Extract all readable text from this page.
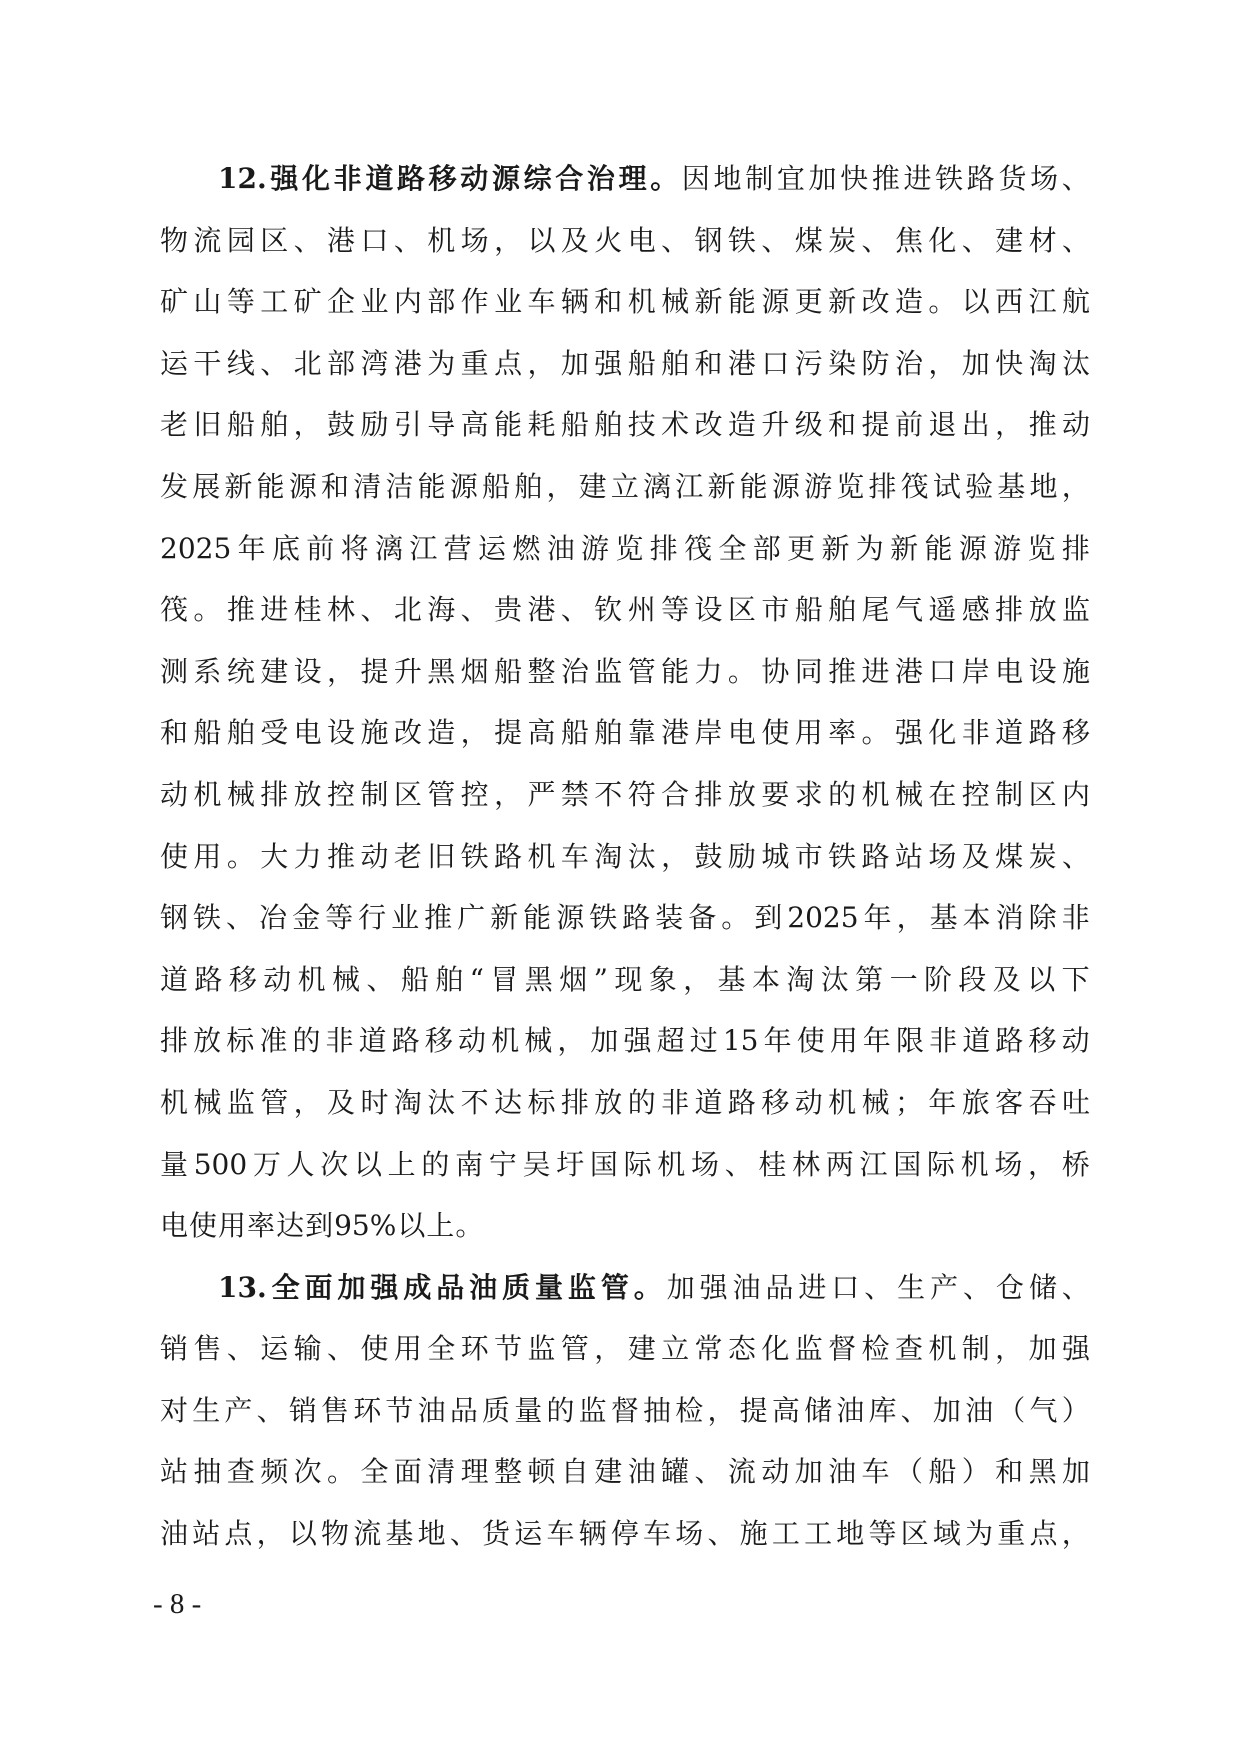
12. 强 化 非 道 路 移 动 源 综 合 治 理 。 因 地 制 宜 加 快 推 进 铁 路 货 场 、
物 流 园 区 、 港 口 、 机 场 ， 以 及 火 电 、 钢 铁 、 煤 炭 、 焦 化 、 建 材 、
矿 山 等 工 矿 企 业 内 部 作 业 车 辆 和 机 械 新 能 源 更 新 改 造 。 以 西 江 航
运 干 线 、 北 部 湾 港 为 重 点 ， 加 强 船 舶 和 港 口 污 染 防 治 ， 加 快 淘 汰
老 旧 船 舶 ， 鼓 励 引 导 高 能 耗 船 舶 技 术 改 造 升 级 和 提 前 退 出 ， 推 动
发 展 新 能 源 和 清 洁 能 源 船 舶 ， 建 立 漓 江 新 能 源 游 览 排 筏 试 验 基 地 ，
2025 年 底 前 将 漓 江 营 运 燃 油 游 览 排 筏 全 部 更 新 为 新 能 源 游 览 排
筏 。 推 进 桂 林 、 北 海 、 贵 港 、 钦 州 等 设 区 市 船 舶 尾 气 遥 感 排 放 监
测 系 统 建 设 ， 提 升 黑 烟 船 整 治 监 管 能 力 。 协 同 推 进 港 口 岸 电 设 施
和 船 舶 受 电 设 施 改 造 ， 提 高 船 舶 靠 港 岸 电 使 用 率 。 强 化 非 道 路 移
动 机 械 排 放 控 制 区 管 控 ， 严 禁 不 符 合 排 放 要 求 的 机 械 在 控 制 区 内
使 用 。 大 力 推 动 老 旧 铁 路 机 车 淘 汰 ， 鼓 励 城 市 铁 路 站 场 及 煤 炭 、
钢 铁 、 冶 金 等 行 业 推 广 新 能 源 铁 路 装 备 。 到 2025 年 ， 基 本 消 除 非
道 路 移 动 机 械 、 船 舶 “ 冒 黑 烟 ” 现 象 ， 基 本 淘 汰 第 一 阶 段 及 以 下
排 放 标 准 的 非 道 路 移 动 机 械 ， 加 强 超 过 15 年 使 用 年 限 非 道 路 移 动
机 械 监 管 ， 及 时 淘 汰 不 达 标 排 放 的 非 道 路 移 动 机 械 ； 年 旅 客 吞 吐
量 500 万 人 次 以 上 的 南 宁 吴 圩 国 际 机 场 、 桂 林 两 江 国 际 机 场 ， 桥
电 使 用 率 达 到 95% 以 上 。
13. 全 面 加 强 成 品 油 质 量 监 管 。 加 强 油 品 进 口 、 生 产 、 仓 储 、
销 售 、 运 输 、 使 用 全 环 节 监 管 ， 建 立 常 态 化 监 督 检 查 机 制 ， 加 强
对 生 产 、 销 售 环 节 油 品 质 量 的 监 督 抽 检 ， 提 高 储 油 库 、 加 油 （ 气 ）
站 抽 查 频 次 。 全 面 清 理 整 顿 自 建 油 罐 、 流 动 加 油 车 （ 船 ） 和 黑 加
油 站 点 ， 以 物 流 基 地 、 货 运 车 辆 停 车 场 、 施 工 工 地 等 区 域 为 重 点 ，
- 8 -
